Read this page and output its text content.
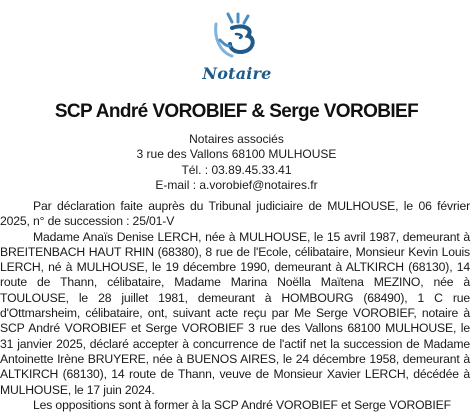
Notaire
SCP André VOROBIEF & Serge VOROBIEF
Notaires associés
3 rue des Vallons 68100 MULHOUSE
Tél. : 03.89.45.33.41
E-mail : a.vorobief@notaires.fr

Par déclaration faite auprès du Tribunal judiciaire de MULHOUSE, le 06 février 2025, n° de succession : 25/01-V

Madame Anaïs Denise LERCH, née à MULHOUSE, le 15 avril 1987, demeurant à BREITENBACH HAUT RHIN (68380), 8 rue de l'Ecole, célibataire, Monsieur Kevin Louis LERCH, né à MULHOUSE, le 19 décembre 1990, demeurant à ALTKIRCH (68130), 14 route de Thann, célibataire, Madame Marina Noëlla Maïtena MEZINO, née à TOULOUSE, le 28 juillet 1981, demeurant à HOMBOURG (68490), 1 C rue d'Ottmarsheim, célibataire, ont, suivant acte reçu par Me Serge VOROBIEF, notaire à SCP André VOROBIEF et Serge VOROBIEF 3 rue des Vallons 68100 MULHOUSE, le 31 janvier 2025, déclaré accepter à concurrence de l'actif net la succession de Madame Antoinette Irène BRUYERE, née à BUENOS AIRES, le 24 décembre 1958, demeurant à ALTKIRCH (68130), 14 route de Thann, veuve de Monsieur Xavier LERCH, décédée à MULHOUSE, le 17 juin 2024.

Les oppositions sont à former à la SCP André VOROBIEF et Serge VOROBIEF
